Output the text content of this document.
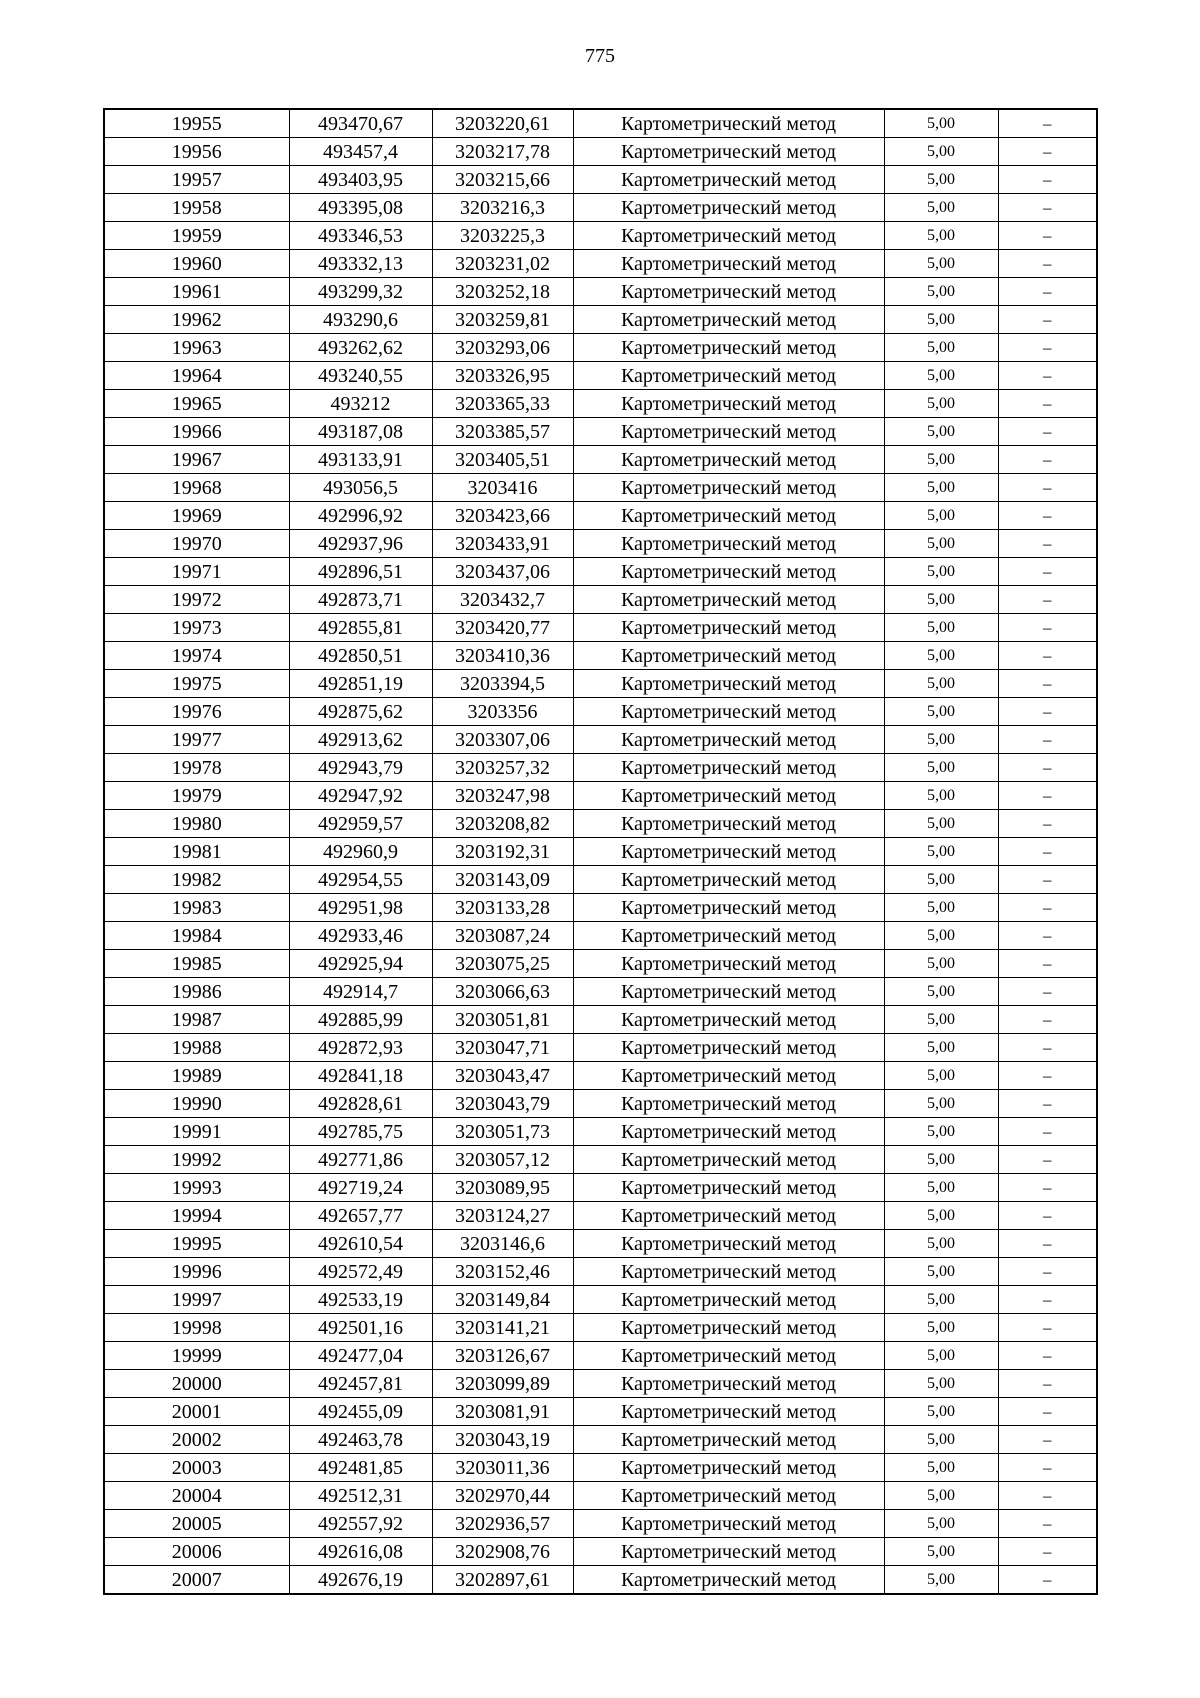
775
19955	493470,67	3203220,61	Картометрический метод	5,00	–
19956	493457,4	3203217,78	Картометрический метод	5,00	–
19957	493403,95	3203215,66	Картометрический метод	5,00	–
19958	493395,08	3203216,3	Картометрический метод	5,00	–
19959	493346,53	3203225,3	Картометрический метод	5,00	–
19960	493332,13	3203231,02	Картометрический метод	5,00	–
19961	493299,32	3203252,18	Картометрический метод	5,00	–
19962	493290,6	3203259,81	Картометрический метод	5,00	–
19963	493262,62	3203293,06	Картометрический метод	5,00	–
19964	493240,55	3203326,95	Картометрический метод	5,00	–
19965	493212	3203365,33	Картометрический метод	5,00	–
19966	493187,08	3203385,57	Картометрический метод	5,00	–
19967	493133,91	3203405,51	Картометрический метод	5,00	–
19968	493056,5	3203416	Картометрический метод	5,00	–
19969	492996,92	3203423,66	Картометрический метод	5,00	–
19970	492937,96	3203433,91	Картометрический метод	5,00	–
19971	492896,51	3203437,06	Картометрический метод	5,00	–
19972	492873,71	3203432,7	Картометрический метод	5,00	–
19973	492855,81	3203420,77	Картометрический метод	5,00	–
19974	492850,51	3203410,36	Картометрический метод	5,00	–
19975	492851,19	3203394,5	Картометрический метод	5,00	–
19976	492875,62	3203356	Картометрический метод	5,00	–
19977	492913,62	3203307,06	Картометрический метод	5,00	–
19978	492943,79	3203257,32	Картометрический метод	5,00	–
19979	492947,92	3203247,98	Картометрический метод	5,00	–
19980	492959,57	3203208,82	Картометрический метод	5,00	–
19981	492960,9	3203192,31	Картометрический метод	5,00	–
19982	492954,55	3203143,09	Картометрический метод	5,00	–
19983	492951,98	3203133,28	Картометрический метод	5,00	–
19984	492933,46	3203087,24	Картометрический метод	5,00	–
19985	492925,94	3203075,25	Картометрический метод	5,00	–
19986	492914,7	3203066,63	Картометрический метод	5,00	–
19987	492885,99	3203051,81	Картометрический метод	5,00	–
19988	492872,93	3203047,71	Картометрический метод	5,00	–
19989	492841,18	3203043,47	Картометрический метод	5,00	–
19990	492828,61	3203043,79	Картометрический метод	5,00	–
19991	492785,75	3203051,73	Картометрический метод	5,00	–
19992	492771,86	3203057,12	Картометрический метод	5,00	–
19993	492719,24	3203089,95	Картометрический метод	5,00	–
19994	492657,77	3203124,27	Картометрический метод	5,00	–
19995	492610,54	3203146,6	Картометрический метод	5,00	–
19996	492572,49	3203152,46	Картометрический метод	5,00	–
19997	492533,19	3203149,84	Картометрический метод	5,00	–
19998	492501,16	3203141,21	Картометрический метод	5,00	–
19999	492477,04	3203126,67	Картометрический метод	5,00	–
20000	492457,81	3203099,89	Картометрический метод	5,00	–
20001	492455,09	3203081,91	Картометрический метод	5,00	–
20002	492463,78	3203043,19	Картометрический метод	5,00	–
20003	492481,85	3203011,36	Картометрический метод	5,00	–
20004	492512,31	3202970,44	Картометрический метод	5,00	–
20005	492557,92	3202936,57	Картометрический метод	5,00	–
20006	492616,08	3202908,76	Картометрический метод	5,00	–
20007	492676,19	3202897,61	Картометрический метод	5,00	–
